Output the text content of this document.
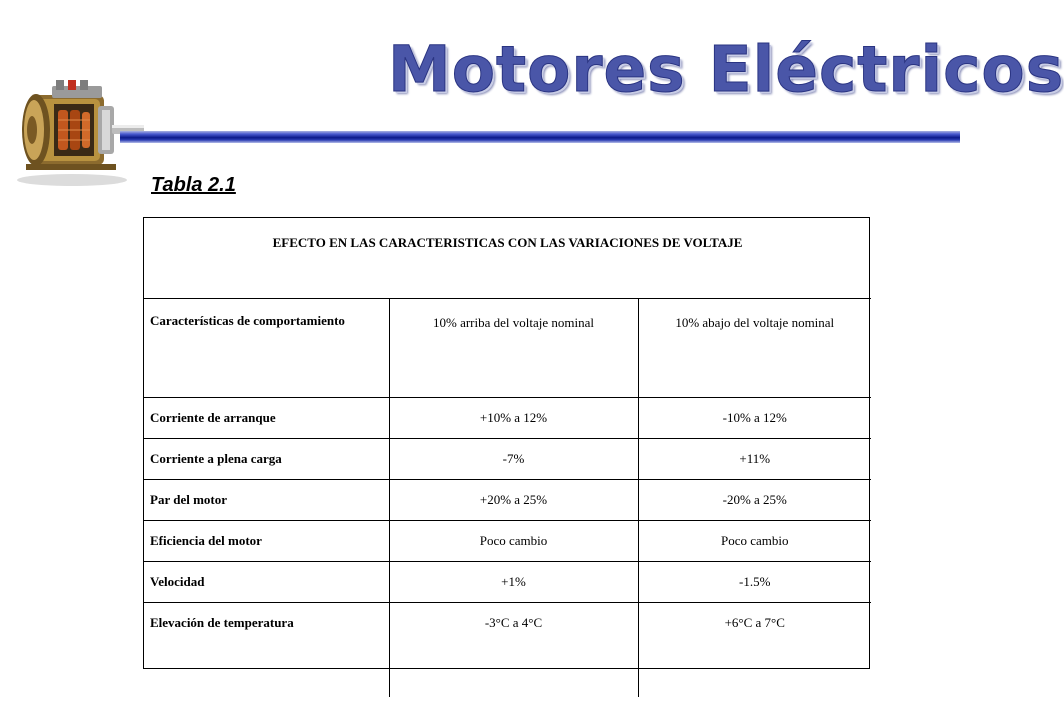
Motores Eléctricos
Tabla 2.1
EFECTO EN LAS CARACTERISTICAS CON LAS VARIACIONES DE VOLTAJE		
Características de comportamiento	10% arriba del voltaje nominal	10% abajo del voltaje nominal
Corriente de arranque	+10% a 12%	-10% a 12%
Corriente a plena carga	-7%	+11%
Par del motor	+20% a 25%	-20% a 25%
Eficiencia del motor	Poco cambio	Poco cambio
Velocidad	+1%	-1.5%
Elevación de temperatura	-3°C a 4°C	+6°C a 7°C
